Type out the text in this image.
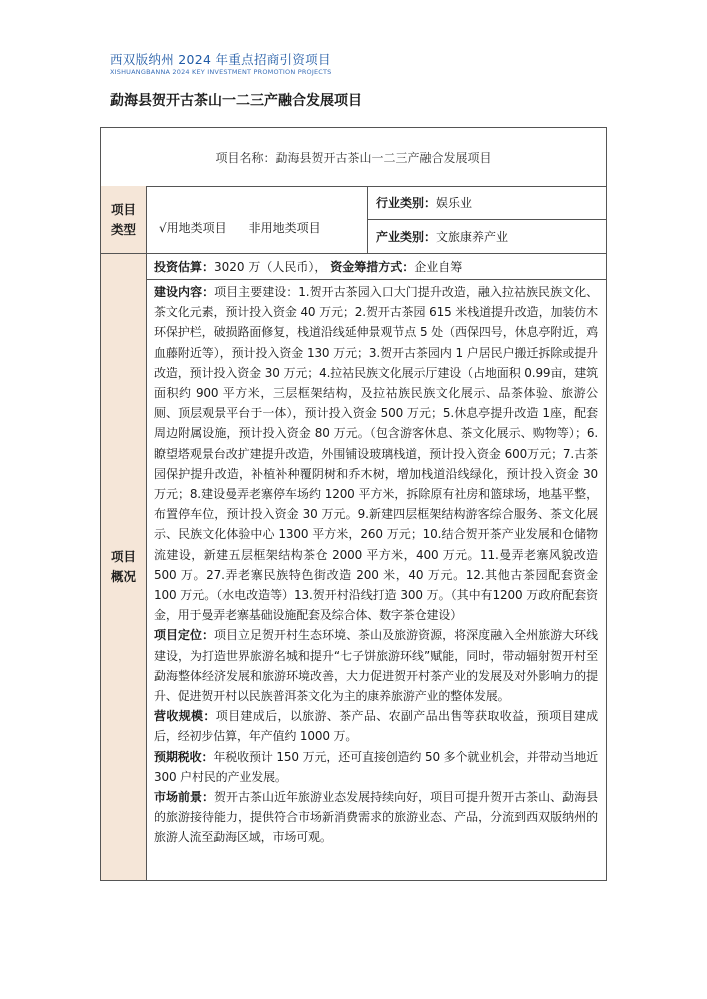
西双版纳州 2024 年重点招商引资项目
XISHUANGBANNA 2024 KEY INVESTMENT PROMOTION PROJECTS
勐海县贺开古茶山一二三产融合发展项目
项目名称：勐海县贺开古茶山一二三产融合发展项目
项目类型 √用地类项目 非用地类项目
行业类别： 娱乐业
产业类别： 文旅康养产业
项目概况
投资估算： 3020 万（人民币），
资金筹措方式： 企业自筹

建设内容：项目主要建设：1.贺开古茶园入口大门提升改造，融入拉祜族民族文化、茶文化元素，预计投入资金 40 万元；2.贺开古茶园 615 米栈道提升改造，加装仿木环保护栏，破损路面修复，栈道沿线延伸景观节点 5 处（西保四号，休息亭附近，鸡血藤附近等），预计投入资金 130 万元；3.贺开古茶园内 1 户居民户搬迁拆除或提升改造，预计投入资金 30 万元；4.拉祜民族文化展示厅建设（占地面积 0.99亩，建筑面积约 900 平方米，三层框架结构，及拉祜族民族文化展示、品茶体验、旅游公厕、顶层观景平台于一体），预计投入资金 500 万元；5.休息亭提升改造 1座，配套周边附属设施，预计投入资金 80 万元。（包含游客休息、茶文化展示、购物等）；6.瞭望塔观景台改扩建提升改造，外围铺设玻璃栈道，预计投入资金 600万元；7.古茶园保护提升改造，补植补种覆阴树和乔木树，增加栈道沿线绿化，预计投入资金 30 万元；8.建设曼弄老寨停车场约 1200 平方米，拆除原有社房和篮球场，地基平整，布置停车位，预计投入资金 30 万元。9.新建四层框架结构游客综合服务、茶文化展示、民族文化体验中心 1300 平方米，260 万元；10.结合贺开茶产业发展和仓储物流建设，新建五层框架结构茶仓 2000 平方米，400 万元。11.曼弄老寨风貌改造 500 万。27.弄老寨民族特色街改造 200 米，40 万元。12.其他古茶园配套资金 100 万元。（水电改造等）13.贺开村沿线打造 300 万。（其中有1200 万政府配套资金，用于曼弄老寨基础设施配套及综合体、数字茶仓建设）

项目定位：项目立足贺开村生态环境、茶山及旅游资源，将深度融入全州旅游大环线建设，为打造世界旅游名城和提升“七子饼旅游环线”赋能，同时，带动辐射贺开村至勐海整体经济发展和旅游环境改善，大力促进贺开村茶产业的发展及对外影响力的提升、促进贺开村以民族普洱茶文化为主的康养旅游产业的整体发展。

营收规模：项目建成后，以旅游、茶产品、农副产品出售等获取收益，预项目建成后，经初步估算，年产值约 1000 万。

预期税收：年税收预计 150 万元，还可直接创造约 50 多个就业机会，并带动当地近 300 户村民的产业发展。

市场前景：贺开古茶山近年旅游业态发展持续向好，项目可提升贺开古茶山、勐海县的旅游接待能力，提供符合市场新消费需求的旅游业态、产品，分流到西双版纳州的旅游人流至勐海区域，市场可观。
